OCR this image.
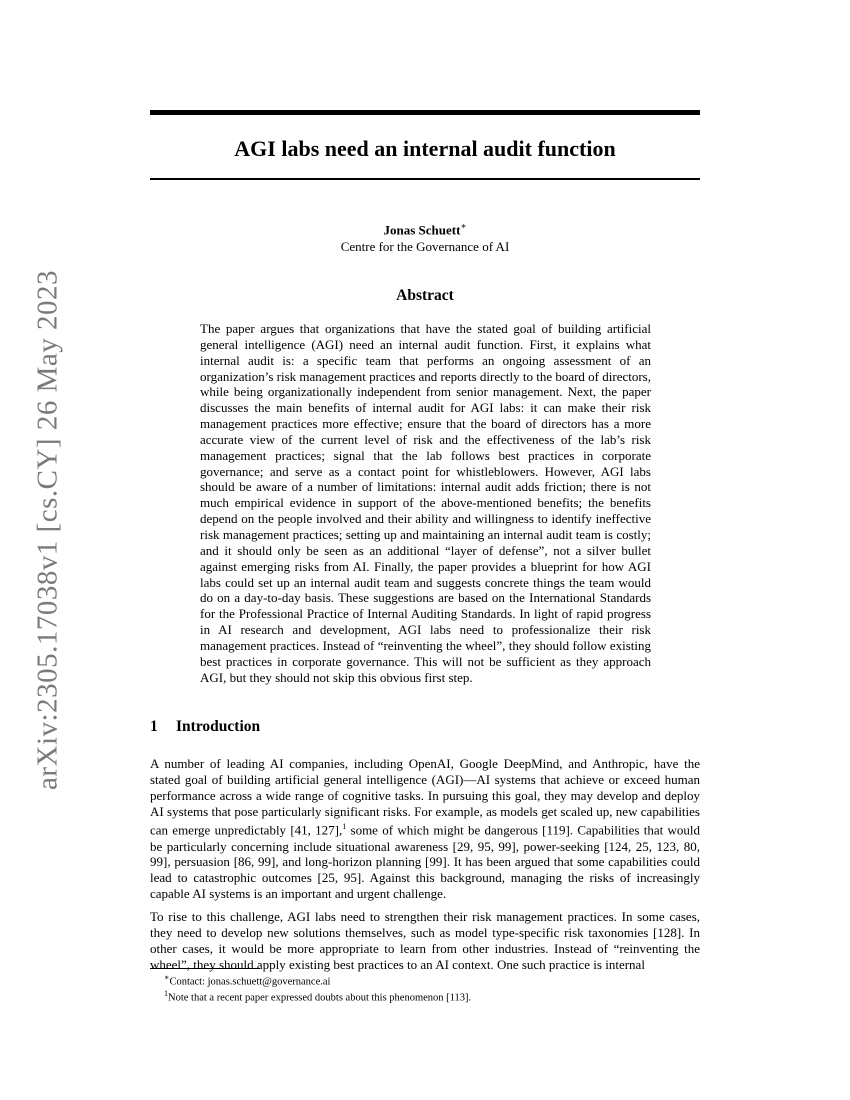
arXiv:2305.17038v1 [cs.CY] 26 May 2023
AGI labs need an internal audit function
Jonas Schuett∗
Centre for the Governance of AI
Abstract
The paper argues that organizations that have the stated goal of building artificial general intelligence (AGI) need an internal audit function. First, it explains what internal audit is: a specific team that performs an ongoing assessment of an organization’s risk management practices and reports directly to the board of directors, while being organizationally independent from senior management. Next, the paper discusses the main benefits of internal audit for AGI labs: it can make their risk management practices more effective; ensure that the board of directors has a more accurate view of the current level of risk and the effectiveness of the lab’s risk management practices; signal that the lab follows best practices in corporate governance; and serve as a contact point for whistleblowers. However, AGI labs should be aware of a number of limitations: internal audit adds friction; there is not much empirical evidence in support of the above-mentioned benefits; the benefits depend on the people involved and their ability and willingness to identify ineffective risk management practices; setting up and maintaining an internal audit team is costly; and it should only be seen as an additional “layer of defense”, not a silver bullet against emerging risks from AI. Finally, the paper provides a blueprint for how AGI labs could set up an internal audit team and suggests concrete things the team would do on a day-to-day basis. These suggestions are based on the International Standards for the Professional Practice of Internal Auditing Standards. In light of rapid progress in AI research and development, AGI labs need to professionalize their risk management practices. Instead of “reinventing the wheel”, they should follow existing best practices in corporate governance. This will not be sufficient as they approach AGI, but they should not skip this obvious first step.
1 Introduction
A number of leading AI companies, including OpenAI, Google DeepMind, and Anthropic, have the stated goal of building artificial general intelligence (AGI)—AI systems that achieve or exceed human performance across a wide range of cognitive tasks. In pursuing this goal, they may develop and deploy AI systems that pose particularly significant risks. For example, as models get scaled up, new capabilities can emerge unpredictably [41, 127],$^1$ some of which might be dangerous [119]. Capabilities that would be particularly concerning include situational awareness [29, 95, 99], power-seeking [124, 25, 123, 80, 99], persuasion [86, 99], and long-horizon planning [99]. It has been argued that some capabilities could lead to catastrophic outcomes [25, 95]. Against this background, managing the risks of increasingly capable AI systems is an important and urgent challenge.
To rise to this challenge, AGI labs need to strengthen their risk management practices. In some cases, they need to develop new solutions themselves, such as model type-specific risk taxonomies [128]. In other cases, it would be more appropriate to learn from other industries. Instead of “reinventing the wheel”, they should apply existing best practices to an AI context. One such practice is internal
∗Contact: jonas.schuett@governance.ai
$^1$Note that a recent paper expressed doubts about this phenomenon [113].
